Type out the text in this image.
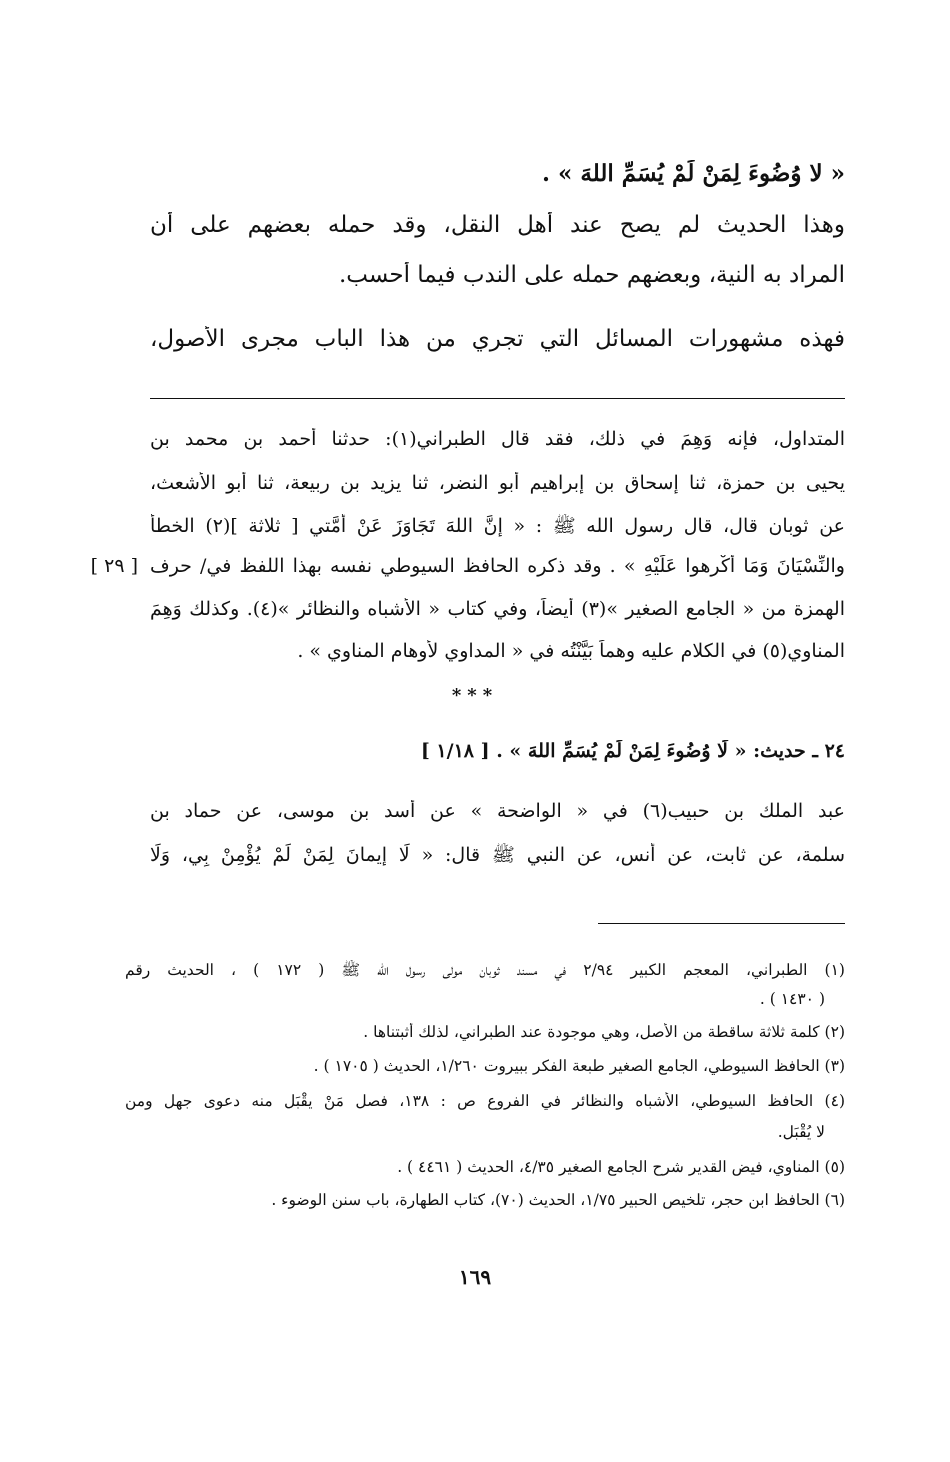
« لا وُضُوءَ لِمَنْ لَمْ يُسَمِّ اللهَ » .
وهذا الحديث لم يصح عند أهل النقل، وقد حمله بعضهم على أن
المراد به النية، وبعضهم حمله على الندب فيما أحسب.
فهذه مشهورات المسائل التي تجري من هذا الباب مجرى الأصول،
المتداول، فإنه وَهِمَ في ذلك، فقد قال الطبراني(١): حدثنا أحمد بن محمد بن
يحيى بن حمزة، ثنا إسحاق بن إبراهيم أبو النضر، ثنا يزيد بن ربيعة، ثنا أبو الأشعث،
عن ثوبان قال، قال رسول الله ﷺ : « إنَّ اللهَ تَجَاوَزَ عَنْ أُمَّتي [ ثلاثة ](٢) الخطأَ
والنِّسْيَانَ وَمَا أُكْرِهوا عَلَيْهِ » . وقد ذكره الحافظ السيوطي نفسه بهذا اللفظ في/ حرف
[ ٢٩ ]
الهمزة من « الجامع الصغير »(٣) أيضاً، وفي كتاب « الأشباه والنظائر »(٤). وكذلك وَهِمَ
المناوي(٥) في الكلام عليه وهماً بَيَّنْتُه في « المداوي لأوهام المناوي » .
***
٢٤ ـ حديث: « لَا وُضُوءَ لِمَنْ لَمْ يُسَمِّ اللهَ » . [ ١/١٨ ]
عبد الملك بن حبيب(٦) في « الواضحة » عن أسد بن موسى، عن حماد بن
سلمة، عن ثابت، عن أنس، عن النبي ﷺ قال: « لَا إيمانَ لِمَنْ لَمْ يُؤْمِنْ بِي، وَلَا
(١) الطبراني، المعجم الكبير ٢/٩٤ في مسند ثوبان مولى رسول الله ﷺ ( ١٧٢ ) ، الحديث رقم
( ١٤٣٠ ) .
(٢) كلمة ثلاثة ساقطة من الأصل، وهي موجودة عند الطبراني، لذلك أثبتناها .
(٣) الحافظ السيوطي، الجامع الصغير طبعة الفكر ببيروت ١/٢٦٠، الحديث ( ١٧٠٥ ) .
(٤) الحافظ السيوطي، الأشباه والنظائر في الفروع ص : ١٣٨، فصل مَنْ يقْبَل منه دعوى جهل ومن
لا يُقْبَل.
(٥) المناوي، فيض القدير شرح الجامع الصغير ٤/٣٥، الحديث ( ٤٤٦١ ) .
(٦) الحافظ ابن حجر، تلخيص الحبير ١/٧٥، الحديث (٧٠)، كتاب الطهارة، باب سنن الوضوء .
١٦٩
